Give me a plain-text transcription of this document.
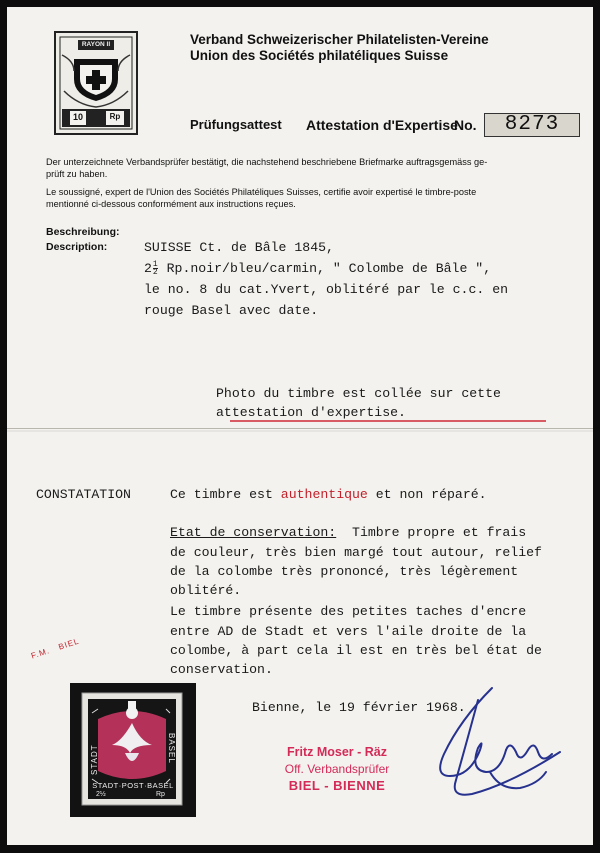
RAYON II
10	Rp
Verband Schweizerischer Philatelisten-Vereine
Union des Sociétés philatéliques Suisse
Prüfungsattest Attestation d'Expertise
No.	8273
Der unterzeichnete Verbandsprüfer bestätigt, die nachstehend beschriebene Briefmarke auftragsgemäss ge-
prüft zu haben.
Le soussigné, expert de l'Union des Sociétés Philatéliques Suisses, certifie avoir expertisé le timbre-poste
mentionné ci-dessous conformément aux instructions reçues.
Beschreibung:
Description:	SUISSE Ct. de Bâle 1845,
$2 \frac{1}{2}$ Rp.noir/bleu/carmin, " Colombe de Bâle ",
le no. 8 du cat.Yvert, oblitéré par le c.c. en
rouge Basel avec date.
Photo du timbre est collée sur cette
attestation d'expertise.
CONSTATATION	Ce timbre est authentique et non réparé.
Etat de conservation:  Timbre propre et frais
de couleur, très bien margé tout autour, relief
de la colombe très prononcé, très légèrement
oblitéré.
Le timbre présente des petites taches d'encre
entre AD de Stadt et vers l'aile droite de la
colombe, à part cela il est en très bel état de
conservation.
Bienne, le 19 février 1968.
F.M.   BIEL
STADT	BASEL
STADT·POST·BASEL
2½	Rp
Fritz Moser - Räz
Off. Verbandsprüfer
BIEL - BIENNE
